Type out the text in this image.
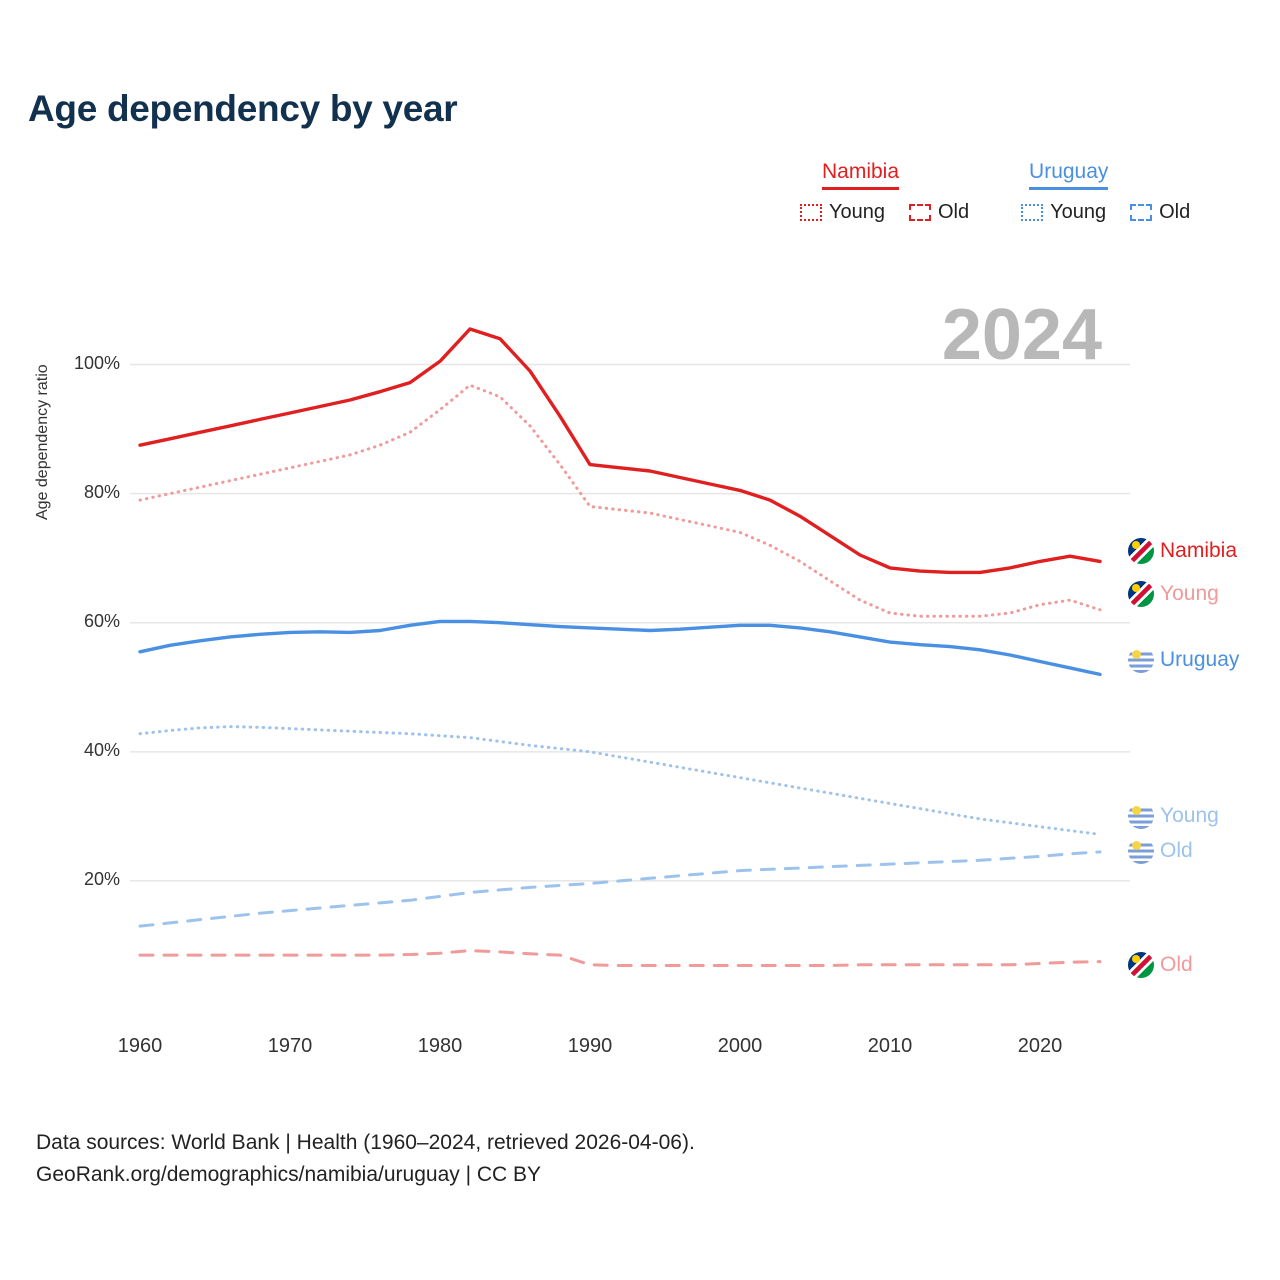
Age dependency by year
Namibia	Uruguay
Young	Old	Young	Old
2024
Age dependency ratio
20%
40%
60%
80%
100%
1960	1970	1980	1990	2000	2010	2020
Namibia
Young
Uruguay
Young
Old
Old
Data sources: World Bank | Health (1960–2024, retrieved 2026-04-06).
GeoRank.org/demographics/namibia/uruguay | CC BY
